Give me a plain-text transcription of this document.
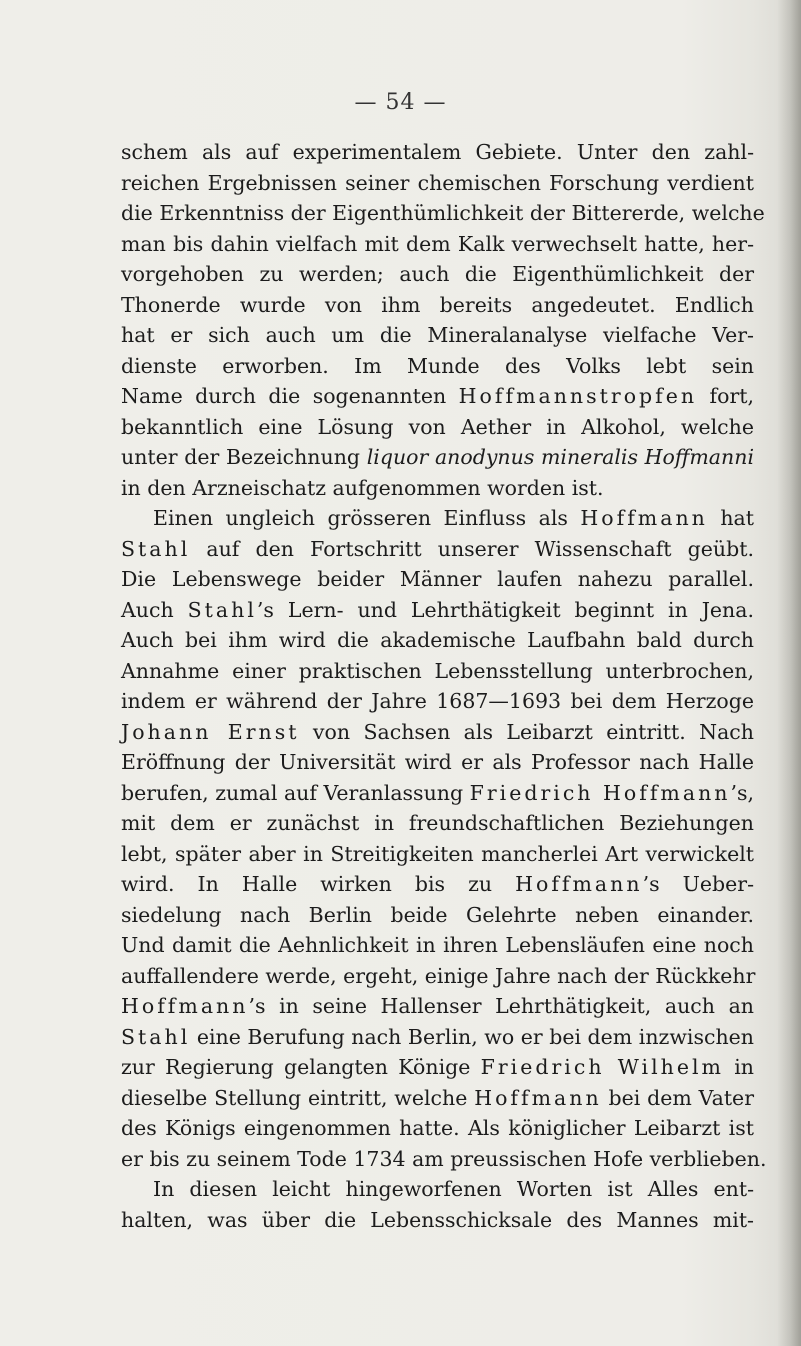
— 54 —
schem als auf experimentalem Gebiete. Unter den zahl-
reichen Ergebnissen seiner chemischen Forschung verdient
die Erkenntniss der Eigenthümlichkeit der Bittererde, welche
man bis dahin vielfach mit dem Kalk verwechselt hatte, her-
vorgehoben zu werden; auch die Eigenthümlichkeit der
Thonerde wurde von ihm bereits angedeutet. Endlich
hat er sich auch um die Mineralanalyse vielfache Ver-
dienste erworben. Im Munde des Volks lebt sein
Name durch die sogenannten Hoffmannstropfen fort,
bekanntlich eine Lösung von Aether in Alkohol, welche
unter der Bezeichnung liquor anodynus mineralis Hoffmanni
in den Arzneischatz aufgenommen worden ist.
Einen ungleich grösseren Einfluss als Hoffmann hat
Stahl auf den Fortschritt unserer Wissenschaft geübt.
Die Lebenswege beider Männer laufen nahezu parallel.
Auch Stahl’s Lern- und Lehrthätigkeit beginnt in Jena.
Auch bei ihm wird die akademische Laufbahn bald durch
Annahme einer praktischen Lebensstellung unterbrochen,
indem er während der Jahre 1687—1693 bei dem Herzoge
Johann Ernst von Sachsen als Leibarzt eintritt. Nach
Eröffnung der Universität wird er als Professor nach Halle
berufen, zumal auf Veranlassung Friedrich Hoffmann’s,
mit dem er zunächst in freundschaftlichen Beziehungen
lebt, später aber in Streitigkeiten mancherlei Art verwickelt
wird. In Halle wirken bis zu Hoffmann’s Ueber-
siedelung nach Berlin beide Gelehrte neben einander.
Und damit die Aehnlichkeit in ihren Lebensläufen eine noch
auffallendere werde, ergeht, einige Jahre nach der Rückkehr
Hoffmann’s in seine Hallenser Lehrthätigkeit, auch an
Stahl eine Berufung nach Berlin, wo er bei dem inzwischen
zur Regierung gelangten Könige Friedrich Wilhelm in
dieselbe Stellung eintritt, welche Hoffmann bei dem Vater
des Königs eingenommen hatte. Als königlicher Leibarzt ist
er bis zu seinem Tode 1734 am preussischen Hofe verblieben.
In diesen leicht hingeworfenen Worten ist Alles ent-
halten, was über die Lebensschicksale des Mannes mit-
